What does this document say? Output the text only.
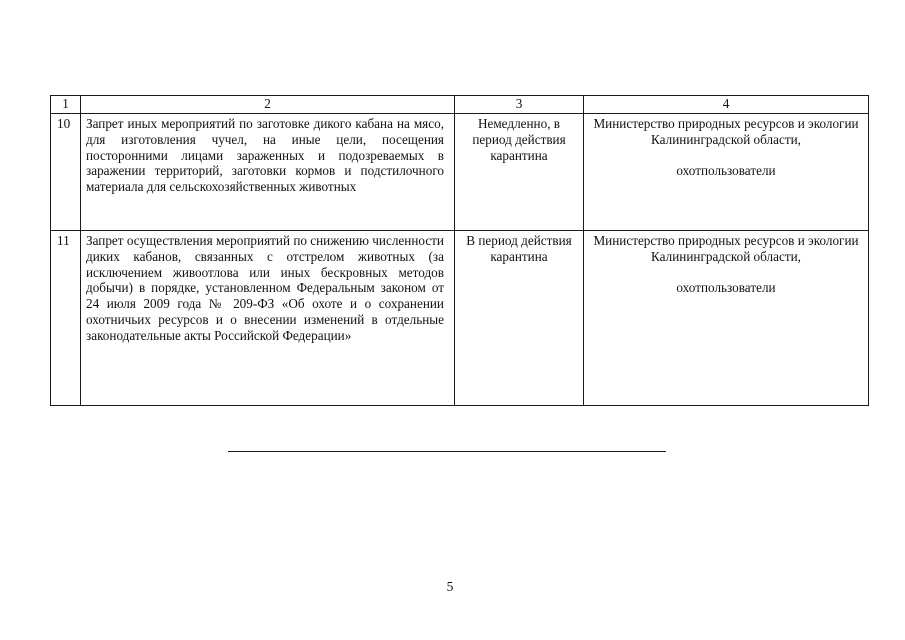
1	2	3	4
10	Запрет иных мероприятий по заготовке дикого кабана на мясо, для изготовления чучел, на иные цели, посещения посторонними лицами зараженных и подозреваемых в заражении территорий, заготовки кормов и подстилочного материала для сельскохозяйственных животных	Немедленно, в период действия карантина	Министерство природных ресурсов и экологии Калининградской области,
охотпользователи

11	Запрет осуществления мероприятий по снижению численности диких кабанов, связанных с отстрелом животных (за исключением живоотлова или иных бескровных методов добычи) в порядке, установленном Федеральным законом от 24 июля 2009 года № 209-ФЗ «Об охоте и о сохранении охотничьих ресурсов и о внесении изменений в отдельные законодательные акты Российской Федерации»	В период действия карантина	Министерство природных ресурсов и экологии Калининградской области,
охотпользователи
5
